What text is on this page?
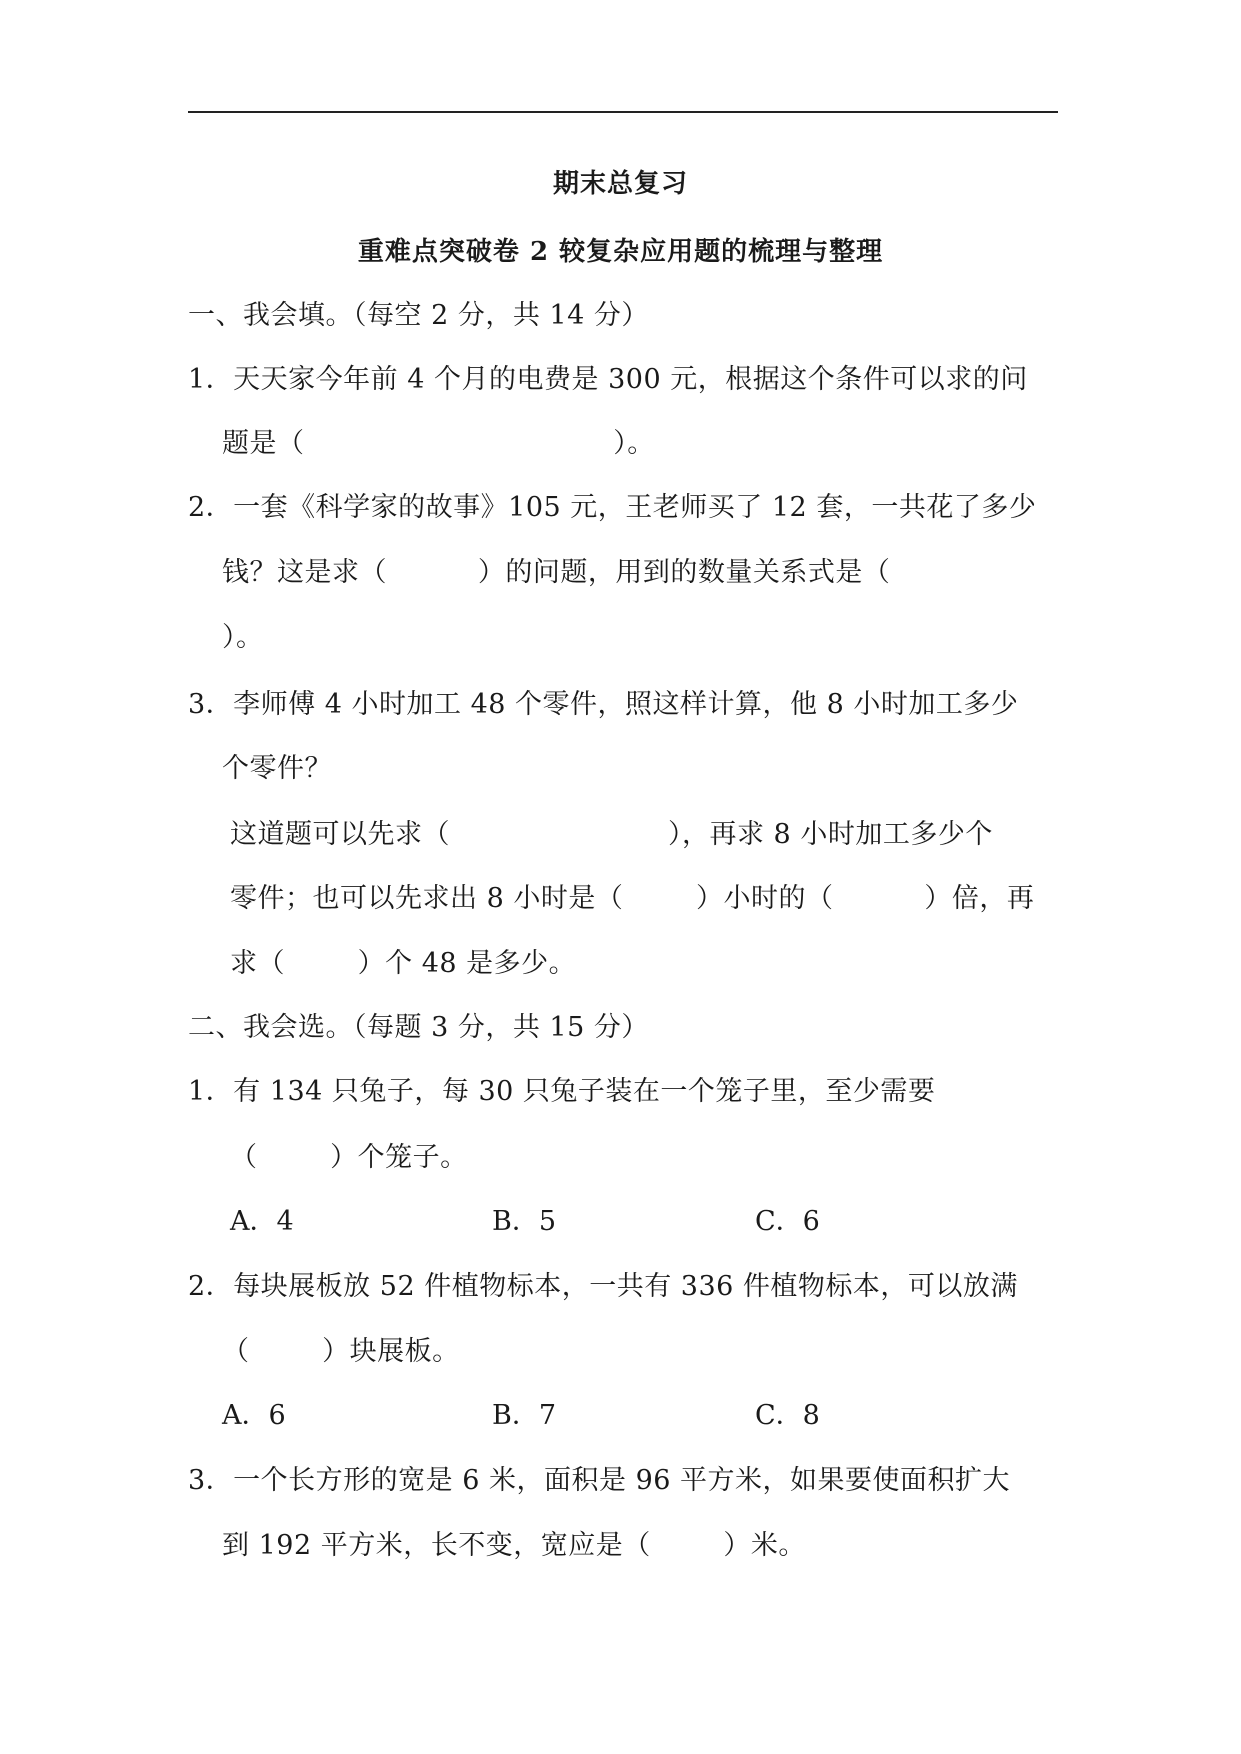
期末总复习
重难点突破卷 2 较复杂应用题的梳理与整理
一、我会填。（每空 2 分，共 14 分）
1．天天家今年前 4 个月的电费是 300 元，根据这个条件可以求的问
题是（                                  ）。
2．一套《科学家的故事》105 元，王老师买了 12 套，一共花了多少
钱？这是求（          ）的问题，用到的数量关系式是（
）。
3．李师傅 4 小时加工 48 个零件，照这样计算，他 8 小时加工多少
个零件？
这道题可以先求（                        ），再求 8 小时加工多少个
零件；也可以先求出 8 小时是（        ）小时的（          ）倍，再
求（        ）个 48 是多少。
二、我会选。（每题 3 分，共 15 分）
1．有 134 只兔子，每 30 只兔子装在一个笼子里，至少需要
（        ）个笼子。
A．4	B．5	C．6
2．每块展板放 52 件植物标本，一共有 336 件植物标本，可以放满
（        ）块展板。
A．6	B．7	C．8
3．一个长方形的宽是 6 米，面积是 96 平方米，如果要使面积扩大
到 192 平方米，长不变，宽应是（        ）米。
